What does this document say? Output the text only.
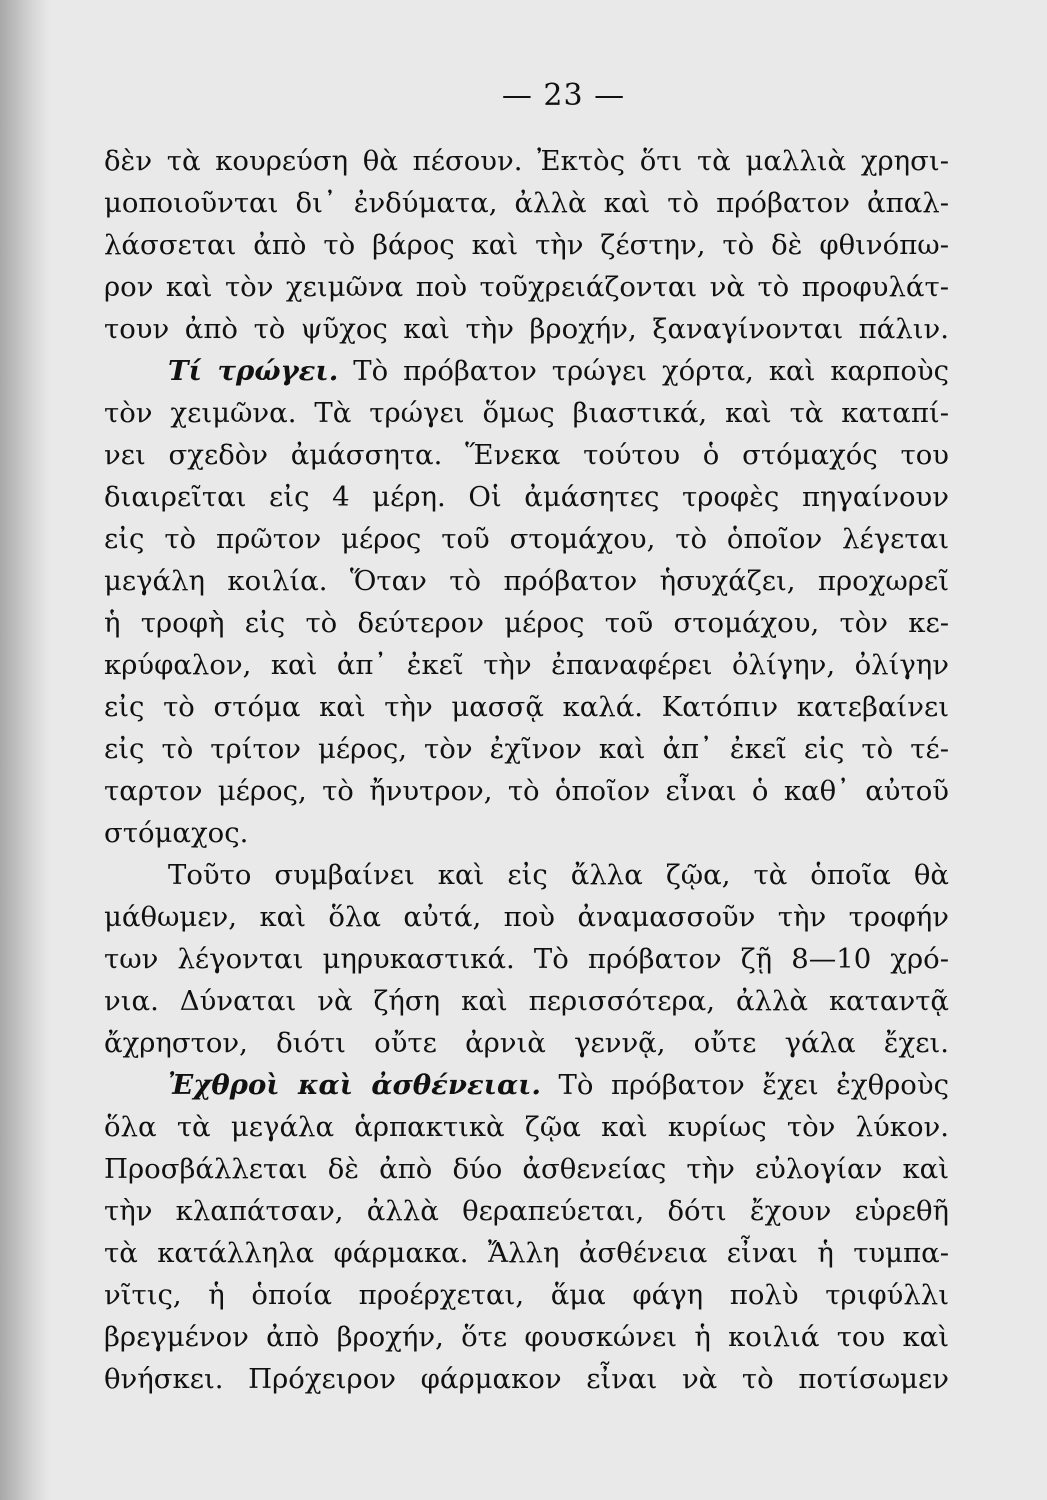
— 23 —
δὲν τὰ κουρεύση θὰ πέσουν. Ἐκτὸς ὅτι τὰ μαλλιὰ χρησι-
μοποιοῦνται δι᾿ ἐνδύματα, ἀλλὰ καὶ τὸ πρόβατον ἀπαλ-
λάσσεται ἀπὸ τὸ βάρος καὶ τὴν ζέστην, τὸ δὲ φθινόπω-
ρον καὶ τὸν χειμῶνα ποὺ τοῦχρειάζονται νὰ τὸ προφυλάτ-
τουν ἀπὸ τὸ ψῦχος καὶ τὴν βροχήν, ξαναγίνονται πάλιν.
Τί τρώγει. Τὸ πρόβατον τρώγει χόρτα, καὶ καρποὺς
τὸν χειμῶνα. Τὰ τρώγει ὅμως βιαστικά, καὶ τὰ καταπί-
νει σχεδὸν ἀμάσσητα. Ἕνεκα τούτου ὁ στόμαχός του
διαιρεῖται εἰς 4 μέρη. Οἱ ἀμάσητες τροφὲς πηγαίνουν
εἰς τὸ πρῶτον μέρος τοῦ στομάχου, τὸ ὁποῖον λέγεται
μεγάλη κοιλία. Ὅταν τὸ πρόβατον ἡσυχάζει, προχωρεῖ
ἡ τροφὴ εἰς τὸ δεύτερον μέρος τοῦ στομάχου, τὸν κε-
κρύφαλον, καὶ ἀπ᾿ ἐκεῖ τὴν ἐπαναφέρει ὀλίγην, ὀλίγην
εἰς τὸ στόμα καὶ τὴν μασσᾷ καλά. Κατόπιν κατεβαίνει
εἰς τὸ τρίτον μέρος, τὸν ἐχῖνον καὶ ἀπ᾿ ἐκεῖ εἰς τὸ τέ-
ταρτον μέρος, τὸ ἤνυτρον, τὸ ὁποῖον εἶναι ὁ καθ᾿ αὐτοῦ
στόμαχος.
Τοῦτο συμβαίνει καὶ εἰς ἄλλα ζῷα, τὰ ὁποῖα θὰ
μάθωμεν, καὶ ὅλα αὐτά, ποὺ ἀναμασσοῦν τὴν τροφήν
των λέγονται μηρυκαστικά. Τὸ πρόβατον ζῇ 8—10 χρό-
νια. Δύναται νὰ ζήση καὶ περισσότερα, ἀλλὰ καταντᾷ
ἄχρηστον, διότι οὔτε ἀρνιὰ γεννᾷ, οὔτε γάλα ἔχει.
Ἐχθροὶ καὶ ἀσθένειαι. Τὸ πρόβατον ἔχει ἐχθροὺς
ὅλα τὰ μεγάλα ἁρπακτικὰ ζῷα καὶ κυρίως τὸν λύκον.
Προσβάλλεται δὲ ἀπὸ δύο ἀσθενείας τὴν εὐλογίαν καὶ
τὴν κλαπάτσαν, ἀλλὰ θεραπεύεται, δότι ἔχουν εὑρεθῆ
τὰ κατάλληλα φάρμακα. Ἄλλη ἀσθένεια εἶναι ἡ τυμπα-
νῖτις, ἡ ὁποία προέρχεται, ἅμα φάγη πολὺ τριφύλλι
βρεγμένον ἀπὸ βροχήν, ὅτε φουσκώνει ἡ κοιλιά του καὶ
θνήσκει. Πρόχειρον φάρμακον εἶναι νὰ τὸ ποτίσωμεν
